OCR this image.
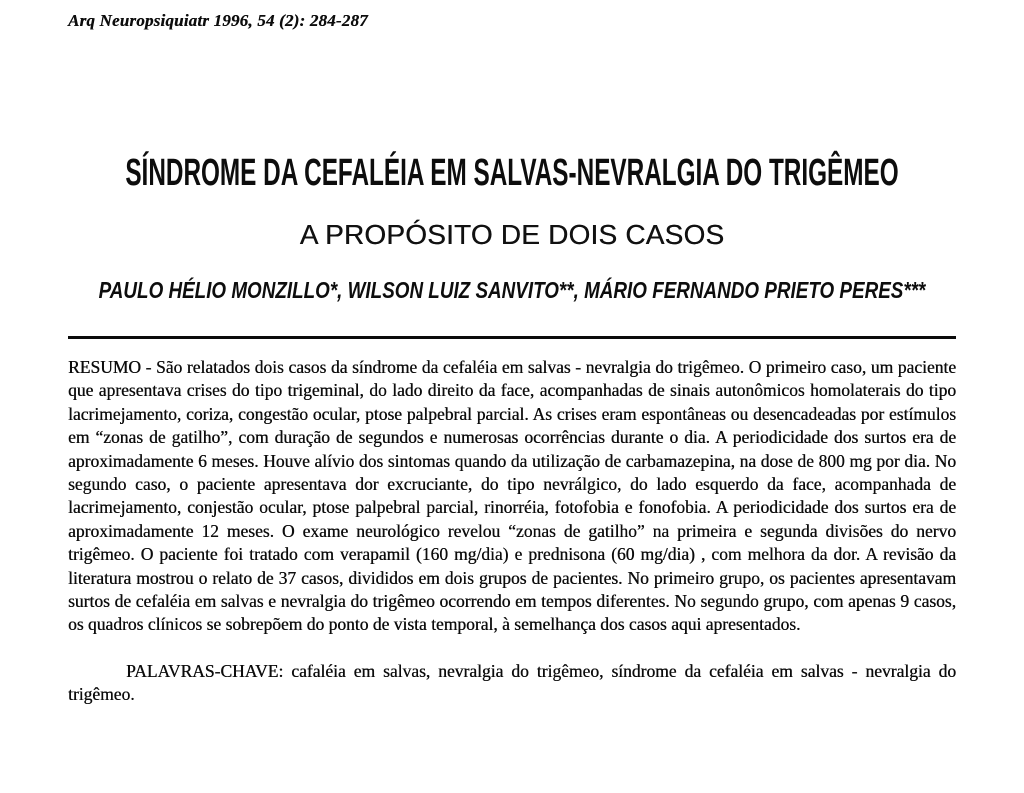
Arq Neuropsiquiatr 1996, 54 (2): 284-287
SÍNDROME DA CEFALÉIA EM SALVAS-NEVRALGIA DO TRIGÊMEO
A PROPÓSITO DE DOIS CASOS
PAULO HÉLIO MONZILLO*, WILSON LUIZ SANVITO**, MÁRIO FERNANDO PRIETO PERES***

RESUMO - São relatados dois casos da síndrome da cefaléia em salvas - nevralgia do trigêmeo. O primeiro caso, um paciente que apresentava crises do tipo trigeminal, do lado direito da face, acompanhadas de sinais autonômicos homolaterais do tipo lacrimejamento, coriza, congestão ocular, ptose palpebral parcial. As crises eram espontâneas ou desencadeadas por estímulos em “zonas de gatilho”, com duração de segundos e numerosas ocorrências durante o dia. A periodicidade dos surtos era de aproximadamente 6 meses. Houve alívio dos sintomas quando da utilização de carbamazepina, na dose de 800 mg por dia. No segundo caso, o paciente apresentava dor excruciante, do tipo nevrálgico, do lado esquerdo da face, acompanhada de lacrimejamento, conjestão ocular, ptose palpebral parcial, rinorréia, fotofobia e fonofobia. A periodicidade dos surtos era de aproximadamente 12 meses. O exame neurológico revelou “zonas de gatilho” na primeira e segunda divisões do nervo trigêmeo. O paciente foi tratado com verapamil (160 mg/dia) e prednisona (60 mg/dia) , com melhora da dor. A revisão da literatura mostrou o relato de 37 casos, divididos em dois grupos de pacientes. No primeiro grupo, os pacientes apresentavam surtos de cefaléia em salvas e nevralgia do trigêmeo ocorrendo em tempos diferentes. No segundo grupo, com apenas 9 casos, os quadros clínicos se sobrepõem do ponto de vista temporal, à semelhança dos casos aqui apresentados.

PALAVRAS-CHAVE: cafaléia em salvas, nevralgia do trigêmeo, síndrome da cefaléia em salvas - nevralgia do trigêmeo.
